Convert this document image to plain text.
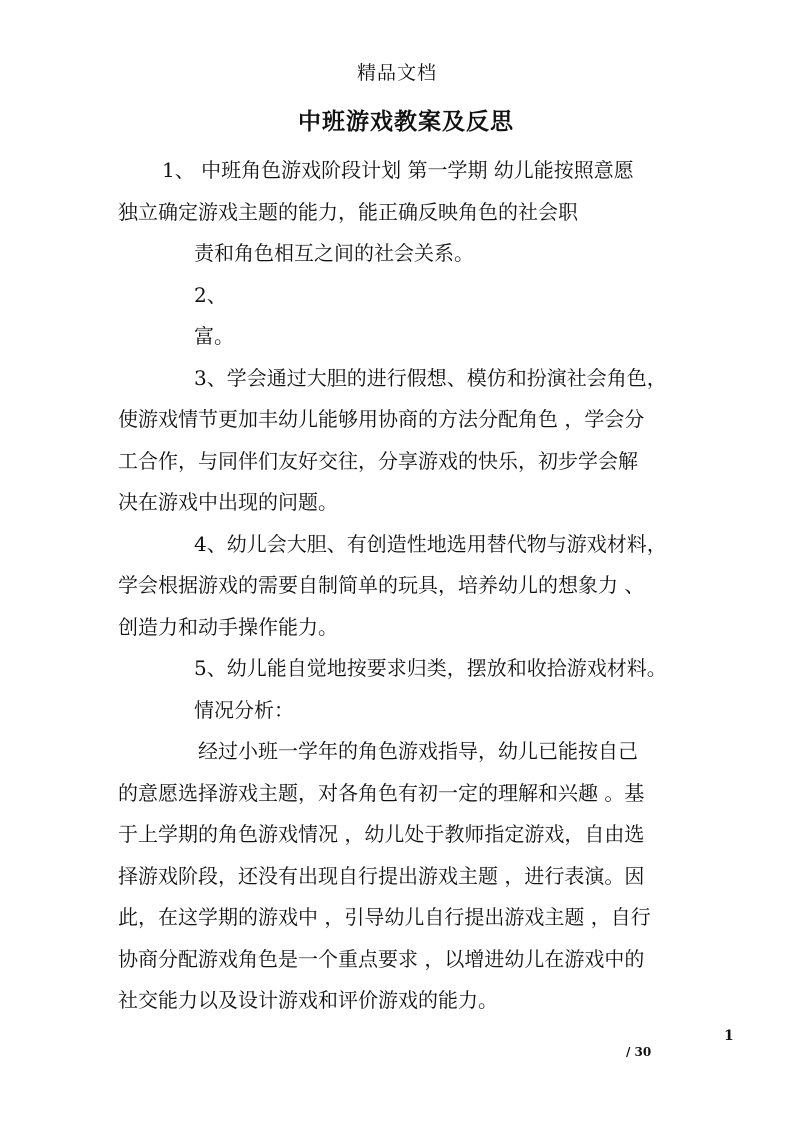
精品文档
中班游戏教案及反思
1、 中班角色游戏阶段计划 第一学期 幼儿能按照意愿
独立确定游戏主题的能力，能正确反映角色的社会职
责和角色相互之间的社会关系。
2、
富。
3、学会通过大胆的进行假想、模仿和扮演社会角色，
使游戏情节更加丰幼儿能够用协商的方法分配角色 ，学会分
工合作，与同伴们友好交往，分享游戏的快乐，初步学会解
决在游戏中出现的问题。
4、幼儿会大胆、有创造性地选用替代物与游戏材料，
学会根据游戏的需要自制简单的玩具，培养幼儿的想象力 、
创造力和动手操作能力。
5、幼儿能自觉地按要求归类，摆放和收拾游戏材料。
情况分析：
经过小班一学年的角色游戏指导，幼儿已能按自己
的意愿选择游戏主题，对各角色有初一定的理解和兴趣 。基
于上学期的角色游戏情况 ，幼儿处于教师指定游戏，自由选
择游戏阶段，还没有出现自行提出游戏主题 ，进行表演。因
此，在这学期的游戏中 ，引导幼儿自行提出游戏主题 ，自行
协商分配游戏角色是一个重点要求 ，以增进幼儿在游戏中的
社交能力以及设计游戏和评价游戏的能力。
1
/ 30
